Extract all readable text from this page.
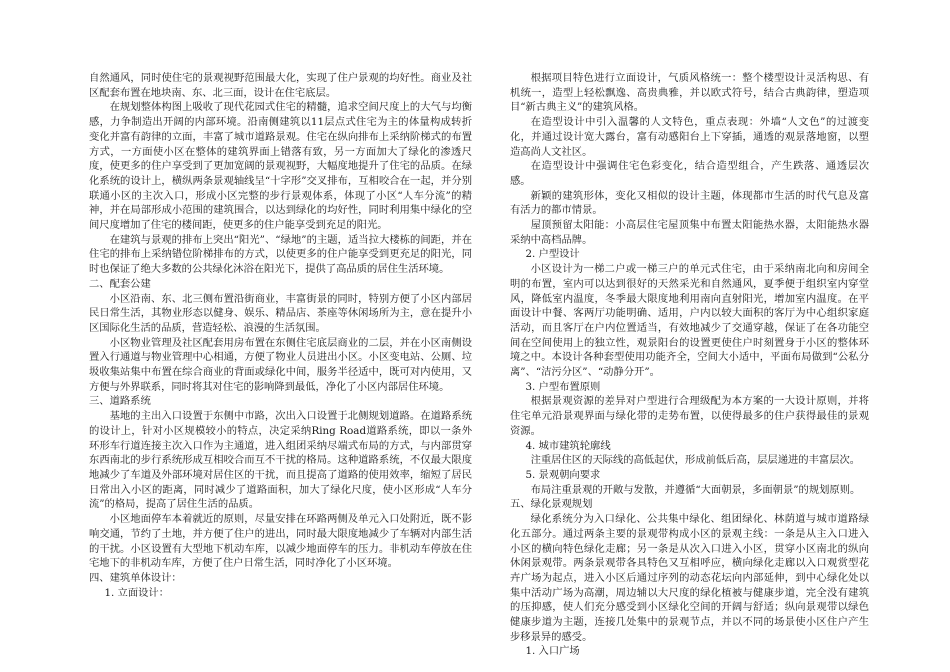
自然通风，同时使住宅的景观视野范围最大化，实现了住户景观的均好性。商业及社区配套布置在地块南、东、北三面，设计在住宅底层。

在规划整体构图上吸收了现代花园式住宅的精髓，追求空间尺度上的大气与均衡感，力争制造出开阔的内部环境。沿南侧建筑以11层点式住宅为主的体量构成转折变化并富有韵律的立面，丰富了城市道路景观。住宅在纵向排布上采纳阶梯式的布置方式，一方面使小区在整体的建筑界面上错落有致，另一方面加大了绿化的渗透尺度，使更多的住户享受到了更加宽阔的景观视野，大幅度地提升了住宅的品质。在绿化系统的设计上，横纵两条景观轴线呈“十字形”交叉排布，互相咬合在一起，并分别联通小区的主次入口，形成小区完整的步行景观体系，体现了小区“人车分流”的精神，并在局部形成小范围的建筑围合，以达到绿化的均好性，同时利用集中绿化的空间尺度增加了住宅的楼间距，使更多的住户能享受到充足的阳光。

在建筑与景观的排布上突出“阳光”、“绿地”的主题，适当拉大楼栋的间距，并在住宅的排布上采纳错位阶梯排布的方式，以使更多的住户能享受到更充足的阳光，同时也保证了绝大多数的公共绿化沐浴在阳光下，提供了高品质的居住生活环境。

二、配套公建

小区沿南、东、北三侧布置沿街商业，丰富街景的同时，特别方便了小区内部居民日常生活，其物业形态以健身、娱乐、精品店、茶座等休闲场所为主，意在提升小区国际化生活的品质，营造轻松、浪漫的生活氛围。

小区物业管理及社区配套用房布置在东侧住宅底层商业的二层，并在小区南侧设置入行通道与物业管理中心相通，方便了物业人员进出小区。小区变电站、公厕、垃圾收集站集中布置在综合商业的背面或绿化中间，服务半径适中，既可对内使用，又方便与外界联系，同时将其对住宅的影响降到最低，净化了小区内部居住环境。

三、道路系统

基地的主出入口设置于东侧中市路，次出入口设置于北侧规划道路。在道路系统的设计上，针对小区规模较小的特点，决定采纳Ring Road道路系统，即以一条外环形车行道连接主次入口作为主通道，进入组团采纳尽端式布局的方式，与内部贯穿东西南北的步行系统形成互相咬合而互不干扰的格局。这种道路系统，不仅最大限度地减少了车道及外部环境对居住区的干扰，而且提高了道路的使用效率，缩短了居民日常出入小区的距离，同时减少了道路面积，加大了绿化尺度，使小区形成“人车分流”的格局，提高了居住生活的品质。

小区地面停车本着就近的原则，尽量安排在环路两侧及单元入口处附近，既不影响交通，节约了土地，并方便了住户的进出，同时最大限度地减少了车辆对内部生活的干扰。小区设置有大型地下机动车库，以减少地面停车的压力。非机动车停放在住宅地下的非机动车库，方便了住户日常生活，同时净化了小区环境。

四、建筑单体设计：

1. 立面设计：

根据项目特色进行立面设计，气质风格统一：整个楼型设计灵活构思、有机统一，造型上轻松飘逸、高贵典雅，并以欧式符号，结合古典韵律，塑造项目“新古典主义”的建筑风格。

在造型设计中引入温馨的人文特色，重点表现：外墙“人文色”的过渡变化，并通过设计宽大露台，富有动感阳台上下穿插，通透的观景落地窗，以塑造高尚人文社区。

在造型设计中强调住宅色彩变化，结合造型组合，产生跌落、通透层次感。

新颖的建筑形体，变化又相似的设计主题，体现都市生活的时代气息及富有活力的都市情景。

屋顶预留太阳能：小高层住宅屋顶集中布置太阳能热水器，太阳能热水器采纳中高档品牌。

2. 户型设计

小区设计为一梯二户或一梯三户的单元式住宅，由于采纳南北向和房间全明的布置，室内可以达到很好的天然采光和自然通风，夏季便于组织室内穿堂风，降低室内温度，冬季最大限度地利用南向直射阳光，增加室内温度。在平面设计中餐、客两厅功能明确、适用，户内以较大面积的客厅为中心组织家庭活动，而且客厅在户内位置适当，有效地减少了交通穿越，保证了在各功能空间在空间使用上的独立性，观景阳台的设置更使住户时刻置身于小区的整体环境之中。本设计各种套型使用功能齐全，空间大小适中，平面布局做到“公私分离”、“洁污分区”、“动静分开”。

3. 户型布置原则

根据景观资源的差异对户型进行合理级配为本方案的一大设计原则，并将住宅单元沿景观界面与绿化带的走势布置，以使得最多的住户获得最佳的景观资源。

4. 城市建筑轮廓线

注重居住区的天际线的高低起伏，形成前低后高，层层递进的丰富层次。

5. 景观朝向要求

布局注重景观的开敞与发散，并遵循“大面朝景，多面朝景”的规划原则。

五、绿化景观规划

绿化系统分为入口绿化、公共集中绿化、组团绿化、林荫道与城市道路绿化五部分。通过两条主要的景观带构成小区的景观主线：一条是从主入口进入小区的横向特色绿化走廊；另一条是从次入口进入小区，贯穿小区南北的纵向休闲景观带。两条景观带各具特色又互相呼应，横向绿化走廊以入口观赏型花卉广场为起点，进入小区后通过序列的动态花坛向内部延伸，到中心绿化处以集中活动广场为高潮，周边辅以大尺度的绿化植被与健康步道，完全没有建筑的压抑感，使人们充分感受到小区绿化空间的开阔与舒适；纵向景观带以绿色健康步道为主题，连接几处集中的景观节点，并以不同的场景使小区住户产生步移景异的感受。

1. 入口广场
